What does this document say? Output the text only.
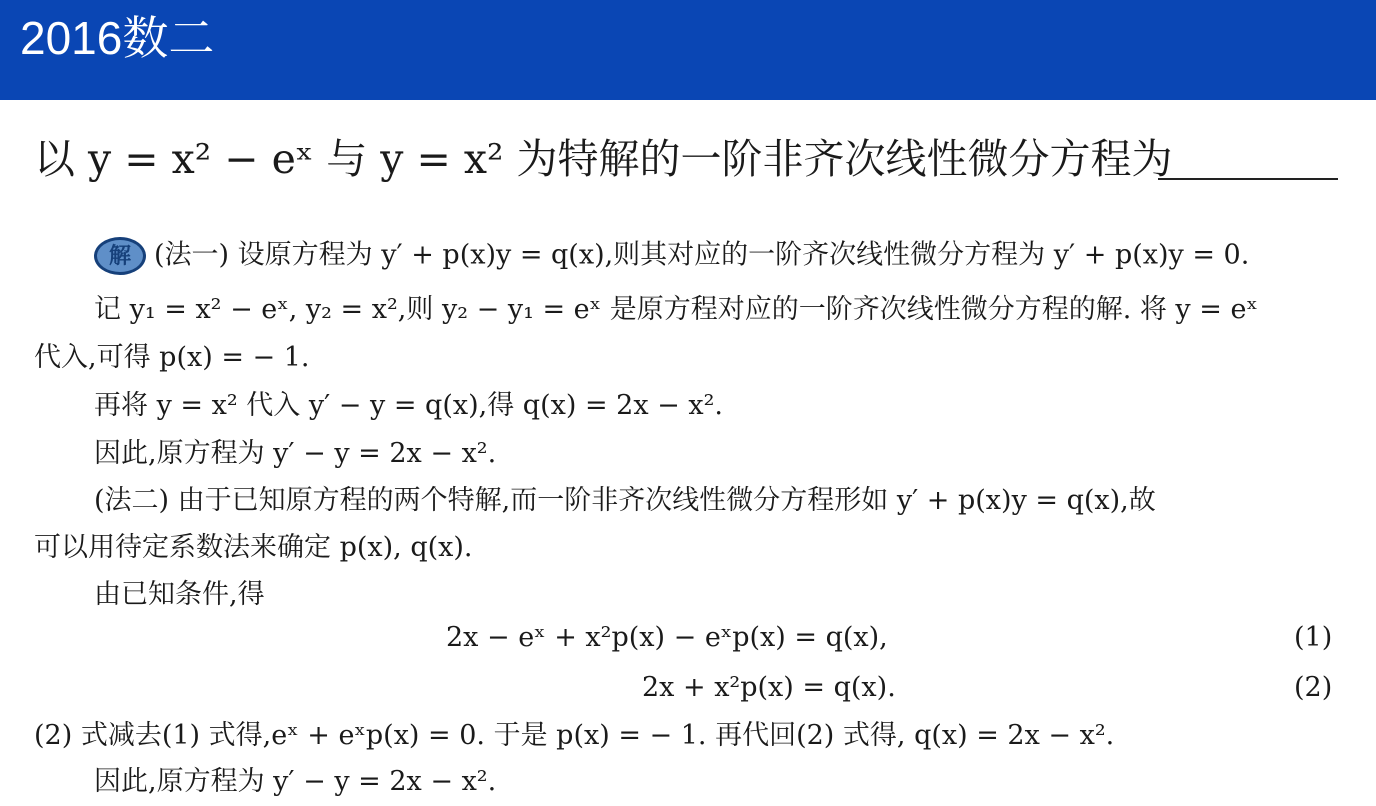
2016数二
以 y = x² − eˣ 与 y = x² 为特解的一阶非齐次线性微分方程为
解 (法一) 设原方程为 y′ + p(x)y = q(x),则其对应的一阶齐次线性微分方程为 y′ + p(x)y = 0.
记 y₁ = x² − eˣ, y₂ = x²,则 y₂ − y₁ = eˣ 是原方程对应的一阶齐次线性微分方程的解. 将 y = eˣ
代入,可得 p(x) = − 1.
再将 y = x² 代入 y′ − y = q(x),得 q(x) = 2x − x².
因此,原方程为 y′ − y = 2x − x².
(法二) 由于已知原方程的两个特解,而一阶非齐次线性微分方程形如 y′ + p(x)y = q(x),故
可以用待定系数法来确定 p(x), q(x).
由已知条件,得
2x − eˣ + x²p(x) − eˣp(x) = q(x),	(1)
2x + x²p(x) = q(x).	(2)
(2) 式减去(1) 式得,eˣ + eˣp(x) = 0. 于是 p(x) = − 1. 再代回(2) 式得, q(x) = 2x − x².
因此,原方程为 y′ − y = 2x − x².
